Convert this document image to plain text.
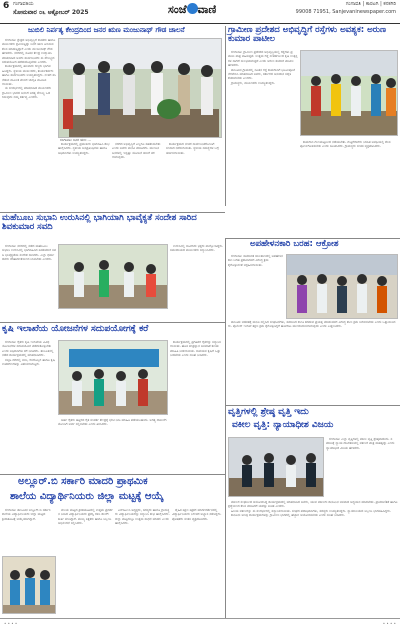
6 ಗಂಗಾವತಿಯ
ಸೋಮವಾರ ೦೬ ಅಕ್ಟೋಬರ್ 2025	ಸಂಜೆ ವಾಣಿ	ಗಂಗಾವತಿ | ಕಾರಟಗಿ | ಕನಕಗಿರಿ
99008 71951, Sanjevaninewspaper.com
ಜುಬಿಲಿ ನಿರ್ಪತ್ಯ ಕೇಂದ್ರದಿಂದ ಜನರ ಋಣ ಮಂಜುನಾಥ್ ಗೌಡ ಚಾಲನೆ

ಗಂಗಾವತಿ: ಕ್ಷೇತ್ರದ ಅಭಿವೃದ್ಧಿಗೆ ಶಾಸಕರು ಹಾಗೂ ಮುಖಂಡರು ಶ್ರಮಿಸುತ್ತಿದ್ದು ಜನರ ಋಣ ತೀರಿಸುವ ಕೆಲಸ ಮಾಡುತ್ತಿದ್ದಾರೆ ಎಂದು ಮಂಜುನಾಥ್ ಗೌಡ ಹೇಳಿದರು. ನಗರದಲ್ಲಿ ನೂತನ ಕೇಂದ್ರ ಉದ್ಘಾಟಿಸಿ ಮಾತನಾಡಿದ ಅವರು ಸಾರ್ವಜನಿಕರು ಈ ಸೌಲಭ್ಯದ ಸದುಪಯೋಗ ಪಡೆದುಕೊಳ್ಳಬೇಕು ಎಂದರು.

ಕಾರ್ಯಕ್ರಮದಲ್ಲಿ ಹಲವಾರು ಗಣ್ಯರು ಭಾಗವಹಿಸಿದ್ದರು. ಸ್ಥಳೀಯ ಮುಖಂಡರು, ಕಾರ್ಯಕರ್ತರು ಹಾಗೂ ಸಾರ್ವಜನಿಕರು ಉಪಸ್ಥಿತರಿದ್ದರು. ನಂತರ ಸಸಿ ನೆಡುವ ಮೂಲಕ ಪರಿಸರ ಜಾಗೃತಿ ಮೂಡಿಸಲಾಯಿತು.

ಈ ಸಂದರ್ಭದಲ್ಲಿ ಮಾತನಾಡಿದ ಮುಖಂಡರು ಗ್ರಾಮೀಣ ಭಾಗದ ಜನರಿಗೆ ಅಗತ್ಯ ಸೌಲಭ್ಯ ಒದಗಿಸುವುದು ನಮ್ಮ ಕರ್ತವ್ಯ ಎಂದರು.

ಕಾರ್ಯಕ್ರಮದಲ್ಲಿ ಪ್ರಮುಖರು ಭಾಗವಹಿಸಿ ಶುಭ ಹಾರೈಸಿದರು. ಸ್ಥಳೀಯ ಜನಪ್ರತಿನಿಧಿಗಳು ಹಾಗೂ ಅಧಿಕಾರಿಗಳು ಉಪಸ್ಥಿತರಿದ್ದರು.

ನಗರದ ಅಭಿವೃದ್ಧಿಗೆ ಎಲ್ಲರೂ ಸಹಕರಿಸಬೇಕು ಎಂದು ಅವರು ಮನವಿ ಮಾಡಿದರು. ಮುಂದಿನ ದಿನಗಳಲ್ಲಿ ಇನ್ನಷ್ಟು ಯೋಜನೆ ಜಾರಿಗೆ ತರಲಾಗುವುದು.

ಕಾರ್ಯಕ್ರಮದ ನಂತರ ಸಾರ್ವಜನಿಕರೊಂದಿಗೆ ಸಂವಾದ ನಡೆಸಲಾಯಿತು. ಸ್ಥಳೀಯ ಸಮಸ್ಯೆಗಳ ಬಗ್ಗೆ ಚರ್ಚಿಸಲಾಯಿತು.

ಗಂಗಾವತಿ: ಜನರ ಋಣ ...
ಗ್ರಾಮೀಣ ಪ್ರದೇಶದ ಅಭಿವೃದ್ಧಿಗೆ ರಸ್ತೆಗಳು ಅವಶ್ಯಕ: ಅರುಣ ಕುಮಾರ ಪಾಟೀಲ

ಗಂಗಾವತಿ: ಗ್ರಾಮೀಣ ಪ್ರದೇಶದ ಅಭಿವೃದ್ಧಿಯಲ್ಲಿ ರಸ್ತೆಗಳು ಪ್ರಮುಖ ಪಾತ್ರ ವಹಿಸುತ್ತವೆ. ಉತ್ತಮ ರಸ್ತೆ ಸಂಪರ್ಕದಿಂದ ಕೃಷಿ ಉತ್ಪನ್ನಗಳ ಸಾಗಣೆ ಸುಲಭವಾಗುತ್ತದೆ ಎಂದು ಅರುಣ ಕುಮಾರ ಪಾಟೀಲ ಹೇಳಿದರು.

ತಾಲೂಕಿನ ಗ್ರಾಮದಲ್ಲಿ ನೂತನ ರಸ್ತೆ ಕಾಮಗಾರಿಗೆ ಭೂಮಿಪೂಜೆ ನೆರವೇರಿಸಿ ಮಾತನಾಡಿದ ಅವರು, ಸರ್ಕಾರದ ಅನುದಾನ ಸದ್ಬಳಕೆಯಾಗಬೇಕು ಎಂದರು.

ಗ್ರಾಮಸ್ಥರು, ಮುಖಂಡರು ಉಪಸ್ಥಿತರಿದ್ದರು.

ಕಾಮಗಾರಿ ಗುಣಮಟ್ಟದಿಂದ ನಡೆಯಬೇಕು. ಗುತ್ತಿಗೆದಾರರು ನಿಗದಿತ ಅವಧಿಯಲ್ಲಿ ಕೆಲಸ ಪೂರ್ಣಗೊಳಿಸಬೇಕು ಎಂದು ಸೂಚಿಸಿದರು. ಗ್ರಾಮಸ್ಥರು ಸಂತಸ ವ್ಯಕ್ತಪಡಿಸಿದರು.

ಮಹೆಬೂಬ ಸುಭಾನಿ ಉರುಸಿನಲ್ಲಿ ಭಾಗಿಯಾಗಿ ಭಾವೈಕ್ಯತೆ ಸಂದೇಶ ಸಾರಿದ ಶಿವಕುಮಾರ ಸವದಿ

ಗಂಗಾವತಿ: ನಗರದಲ್ಲಿ ನಡೆದ ಮಹೆಬೂಬ ಸುಭಾನಿ ಉರುಸಿನಲ್ಲಿ ಭಾಗವಹಿಸಿದ ಶಿವಕುಮಾರ ಸವದಿ ಭಾವೈಕ್ಯತೆಯ ಸಂದೇಶ ಸಾರಿದರು. ಎಲ್ಲಾ ಧರ್ಮದವರು ಸೌಹಾರ್ದತೆಯಿಂದ ಬಾಳಬೇಕು ಎಂದರು.

ಉರುಸಿನಲ್ಲಿ ಸಾವಿರಾರು ಭಕ್ತರು ಪಾಲ್ಗೊಂಡಿದ್ದರು. ಸಮುದಾಯದ ಮುಖಂಡರು ಸನ್ಮಾನಿಸಿದರು.

ಅಪಹೇಳನಕಾರಿ ಬರಹ: ಆಕ್ರೋಶ

ಗಂಗಾವತಿ: ಸಾಮಾಜಿಕ ಜಾಲತಾಣದಲ್ಲಿ ಅಪಹೇಳನಕಾರಿ ಬರಹ ಪ್ರಕಟಿಸಿದವರ ವಿರುದ್ಧ ಕ್ರಮ ಕೈಗೊಳ್ಳುವಂತೆ ಆಗ್ರಹಿಸಲಾಯಿತು.

ತಾಲೂಕು ಆಡಳಿತಕ್ಕೆ ಮನವಿ ಸಲ್ಲಿಸಿದ ಸಂಘಟನೆಗಳು, ಸಮಾಜದ ಶಾಂತಿ ಕದಡುವ ಪ್ರಯತ್ನ ಮಾಡುವವರ ವಿರುದ್ಧ ಕಠಿಣ ಕ್ರಮ ಜರುಗಿಸಬೇಕು ಎಂದು ಒತ್ತಾಯಿಸಿದರು. ಪೊಲೀಸ್ ಇಲಾಖೆ ತಕ್ಷಣ ಕ್ರಮ ಕೈಗೊಳ್ಳದಿದ್ದರೆ ಹೋರಾಟ ಮುಂದುವರಿಸಲಾಗುವುದು ಎಂದು ಎಚ್ಚರಿಸಿದರು.

ಕೃಷಿ ಇಲಾಖೆಯ ಯೋಜನೆಗಳ ಸದುಪಯೋಗಕ್ಕೆ ಕರೆ

ಗಂಗಾವತಿ: ರೈತರು ಕೃಷಿ ಇಲಾಖೆಯ ವಿವಿಧ ಯೋಜನೆಗಳ ಸದುಪಯೋಗ ಪಡೆದುಕೊಳ್ಳಬೇಕು ಎಂದು ಅಧಿಕಾರಿಗಳು ಕರೆ ನೀಡಿದರು. ತಾಲೂಕಿನಲ್ಲಿ ನಡೆದ ಕಾರ್ಯಕ್ರಮದಲ್ಲಿ ಮಾತನಾಡಿದರು.

ಸಬ್ಸಿಡಿ ದರದಲ್ಲಿ ಬೀಜ, ರಸಗೊಬ್ಬರ ಹಾಗೂ ಕೃಷಿ ಉಪಕರಣಗಳನ್ನು ವಿತರಿಸಲಾಗುತ್ತಿದೆ.

ಅರ್ಹ ರೈತರು ಹತ್ತಿರದ ರೈತ ಸಂಪರ್ಕ ಕೇಂದ್ರಕ್ಕೆ ಭೇಟಿ ನೀಡಿ ಮಾಹಿತಿ ಪಡೆಯಬಹುದು. ಅಗತ್ಯ ದಾಖಲೆಗಳೊಂದಿಗೆ ಅರ್ಜಿ ಸಲ್ಲಿಸಬೇಕು ಎಂದು ತಿಳಿಸಿದರು.

ಕಾರ್ಯಕ್ರಮದಲ್ಲಿ ಪ್ರಗತಿಪರ ರೈತರನ್ನು ಸನ್ಮಾನಿಸಲಾಯಿತು. ಹೊಸ ತಂತ್ರಜ್ಞಾನ ಅಳವಡಿಕೆ ಕುರಿತು ಮಾಹಿತಿ ನೀಡಲಾಯಿತು. ಸಾವಯವ ಕೃಷಿಗೆ ಒತ್ತು ನೀಡಬೇಕು ಎಂದು ಸಲಹೆ ನೀಡಿದರು.

ವೃತ್ತಿಗಳಲ್ಲಿ ಶ್ರೇಷ್ಠ ವೃತ್ತಿ ಇದು
ವಕೀಲ ವೃತ್ತಿ: ನ್ಯಾಯಾಧೀಶ ವಿಜಯ

ಗಂಗಾವತಿ: ಎಲ್ಲಾ ವೃತ್ತಿಗಳಲ್ಲಿ ವಕೀಲ ವೃತ್ತಿ ಶ್ರೇಷ್ಠವಾದುದು. ಸಮಾಜಕ್ಕೆ ನ್ಯಾಯ ದೊರಕಿಸುವಲ್ಲಿ ವಕೀಲರ ಪಾತ್ರ ಮಹತ್ವದ್ದು ಎಂದು ನ್ಯಾಯಾಧೀಶ ವಿಜಯ ಹೇಳಿದರು.

ವಕೀಲರ ಸಂಘದಿಂದ ಆಯೋಜಿಸಿದ್ದ ಕಾರ್ಯಕ್ರಮದಲ್ಲಿ ಮಾತನಾಡಿದ ಅವರು, ಯುವ ವಕೀಲರು ಕಾನೂನಿನ ಆಳವಾದ ಅಧ್ಯಯನ ಮಾಡಬೇಕು. ಪ್ರಾಮಾಣಿಕತೆ ಹಾಗೂ ಶ್ರದ್ಧೆಯಿಂದ ಕೆಲಸ ಮಾಡಿದರೆ ಯಶಸ್ಸು ಖಚಿತ ಎಂದರು.

ಹಿರಿಯ ವಕೀಲರನ್ನು ಈ ಸಂದರ್ಭದಲ್ಲಿ ಸನ್ಮಾನಿಸಲಾಯಿತು. ಸಂಘದ ಪದಾಧಿಕಾರಿಗಳು, ಸದಸ್ಯರು ಉಪಸ್ಥಿತರಿದ್ದರು. ನ್ಯಾಯಾಲಯದ ಸಿಬ್ಬಂದಿ ಭಾಗವಹಿಸಿದ್ದರು.

ಕಾನೂನು ಅರಿವು ಕಾರ್ಯಕ್ರಮಗಳನ್ನು ಗ್ರಾಮೀಣ ಭಾಗದಲ್ಲಿ ಹೆಚ್ಚಾಗಿ ಆಯೋಜಿಸಬೇಕು ಎಂದು ಸಲಹೆ ನೀಡಿದರು.

ಅಲ್ಲೂರ್.ಬಿ ಸರ್ಕಾರಿ ಮಾದರಿ ಪ್ರಾಥಮಿಕ
ಶಾಲೆಯ ವಿದ್ಯಾರ್ಥಿನಿಯರು ಜಿಲ್ಲಾ ಮಟ್ಟಕ್ಕೆ ಆಯ್ಕೆ

ಗಂಗಾವತಿ: ತಾಲೂಕಿನ ಅಲ್ಲೂರ್.ಬಿ ಸರ್ಕಾರಿ ಶಾಲೆಯ ವಿದ್ಯಾರ್ಥಿನಿಯರು ಜಿಲ್ಲಾ ಮಟ್ಟದ ಕ್ರೀಡಾಕೂಟಕ್ಕೆ ಆಯ್ಕೆಯಾಗಿದ್ದಾರೆ.

ವಲಯ ಮಟ್ಟದ ಕ್ರೀಡಾಕೂಟದಲ್ಲಿ ಉತ್ತಮ ಪ್ರದರ್ಶನ ನೀಡಿದ ವಿದ್ಯಾರ್ಥಿನಿಯರು ಪ್ರಶಸ್ತಿ ಗಳಿಸಿ ಶಾಲೆಗೆ ಕೀರ್ತಿ ತಂದಿದ್ದಾರೆ. ಮುಖ್ಯ ಶಿಕ್ಷಕರು ಹಾಗೂ ಸಿಬ್ಬಂದಿ ಅಭಿನಂದನೆ ಸಲ್ಲಿಸಿದರು.

ಎಸ್‌ಡಿಎಂಸಿ ಅಧ್ಯಕ್ಷರು, ಸದಸ್ಯರು ಹಾಗೂ ಗ್ರಾಮಸ್ಥರು ವಿದ್ಯಾರ್ಥಿನಿಯರನ್ನು ಸನ್ಮಾನಿಸಿ ಶುಭ ಹಾರೈಸಿದರು. ಜಿಲ್ಲಾ ಮಟ್ಟದಲ್ಲೂ ಉತ್ತಮ ಸಾಧನೆ ಮಾಡಲಿ ಎಂದು ಹಾರೈಸಿದರು.

ದೈಹಿಕ ಶಿಕ್ಷಣ ಶಿಕ್ಷಕರ ಮಾರ್ಗದರ್ಶನದಲ್ಲಿ ವಿದ್ಯಾರ್ಥಿನಿಯರು ನಿರಂತರ ಅಭ್ಯಾಸ ನಡೆಸಿದ್ದರು. ಪೋಷಕರು ಸಂತಸ ವ್ಯಕ್ತಪಡಿಸಿದರು.

• • • •	• • • •
